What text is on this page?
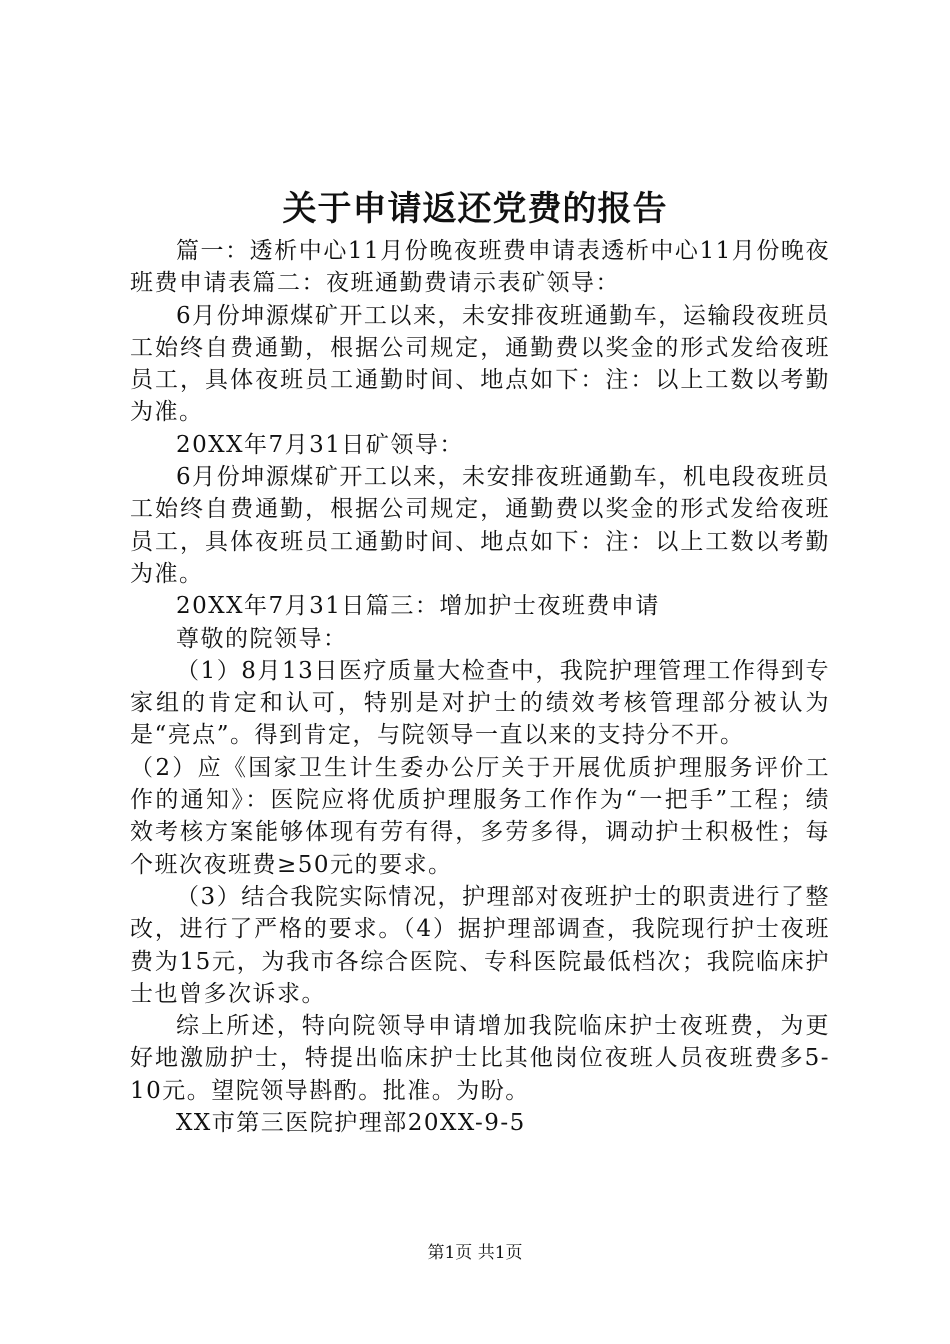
关于申请返还党费的报告

篇一：透析中心11月份晚夜班费申请表透析中心11月份晚夜班费申请表篇二：夜班通勤费请示表矿领导：

6月份坤源煤矿开工以来，未安排夜班通勤车，运输段夜班员工始终自费通勤，根据公司规定，通勤费以奖金的形式发给夜班员工，具体夜班员工通勤时间、地点如下：注：以上工数以考勤为准。

20XX年7月31日矿领导：

6月份坤源煤矿开工以来，未安排夜班通勤车，机电段夜班员工始终自费通勤，根据公司规定，通勤费以奖金的形式发给夜班员工，具体夜班员工通勤时间、地点如下：注：以上工数以考勤为准。

20XX年7月31日篇三：增加护士夜班费申请

尊敬的院领导：

（1）8月13日医疗质量大检查中，我院护理管理工作得到专家组的肯定和认可，特别是对护士的绩效考核管理部分被认为是“亮点”。得到肯定，与院领导一直以来的支持分不开。

（2）应《国家卫生计生委办公厅关于开展优质护理服务评价工作的通知》：医院应将优质护理服务工作作为“一把手”工程；绩效考核方案能够体现有劳有得，多劳多得，调动护士积极性；每个班次夜班费≥50元的要求。

（3）结合我院实际情况，护理部对夜班护士的职责进行了整改，进行了严格的要求。（4）据护理部调查，我院现行护士夜班费为15元，为我市各综合医院、专科医院最低档次；我院临床护士也曾多次诉求。

综上所述，特向院领导申请增加我院临床护士夜班费，为更好地激励护士，特提出临床护士比其他岗位夜班人员夜班费多5-10元。望院领导斟酌。批准。为盼。

XX市第三医院护理部20XX-9-5

第1页 共1页
